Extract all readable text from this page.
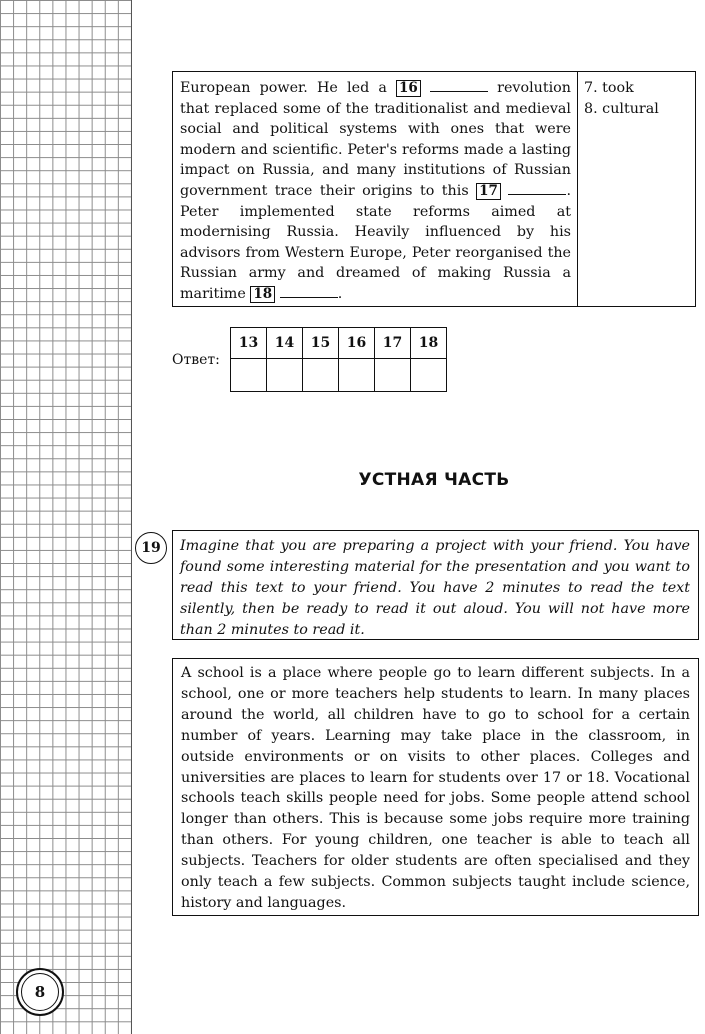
8
European power. He led a 16	revolution that replaced some of the traditionalist and medieval social and political systems with ones that were modern and scientific. Peter's reforms made a lasting impact on Russia, and many institutions of Russian government trace their origins to this 17	. Peter implemented state reforms aimed at modernising Russia. Heavily influenced by his advisors from Western Europe, Peter reorganised the Russian army and dreamed of making Russia a maritime 18	.
7. took
8. cultural
Ответ:
13	14	15	16	17	18

УСТНАЯ ЧАСТЬ
19	Imagine that you are preparing a project with your friend. You have found some interesting material for the presentation and you want to read this text to your friend. You have 2 minutes to read the text silently, then be ready to read it out aloud. You will not have more than 2 minutes to read it.
A school is a place where people go to learn different subjects. In a school, one or more teachers help students to learn. In many places around the world, all children have to go to school for a certain number of years. Learning may take place in the classroom, in outside environments or on visits to other places. Colleges and universities are places to learn for students over 17 or 18. Vocational schools teach skills people need for jobs. Some people attend school longer than others. This is because some jobs require more training than others. For young children, one teacher is able to teach all subjects. Teachers for older students are often specialised and they only teach a few subjects. Common subjects taught include science, history and languages.
